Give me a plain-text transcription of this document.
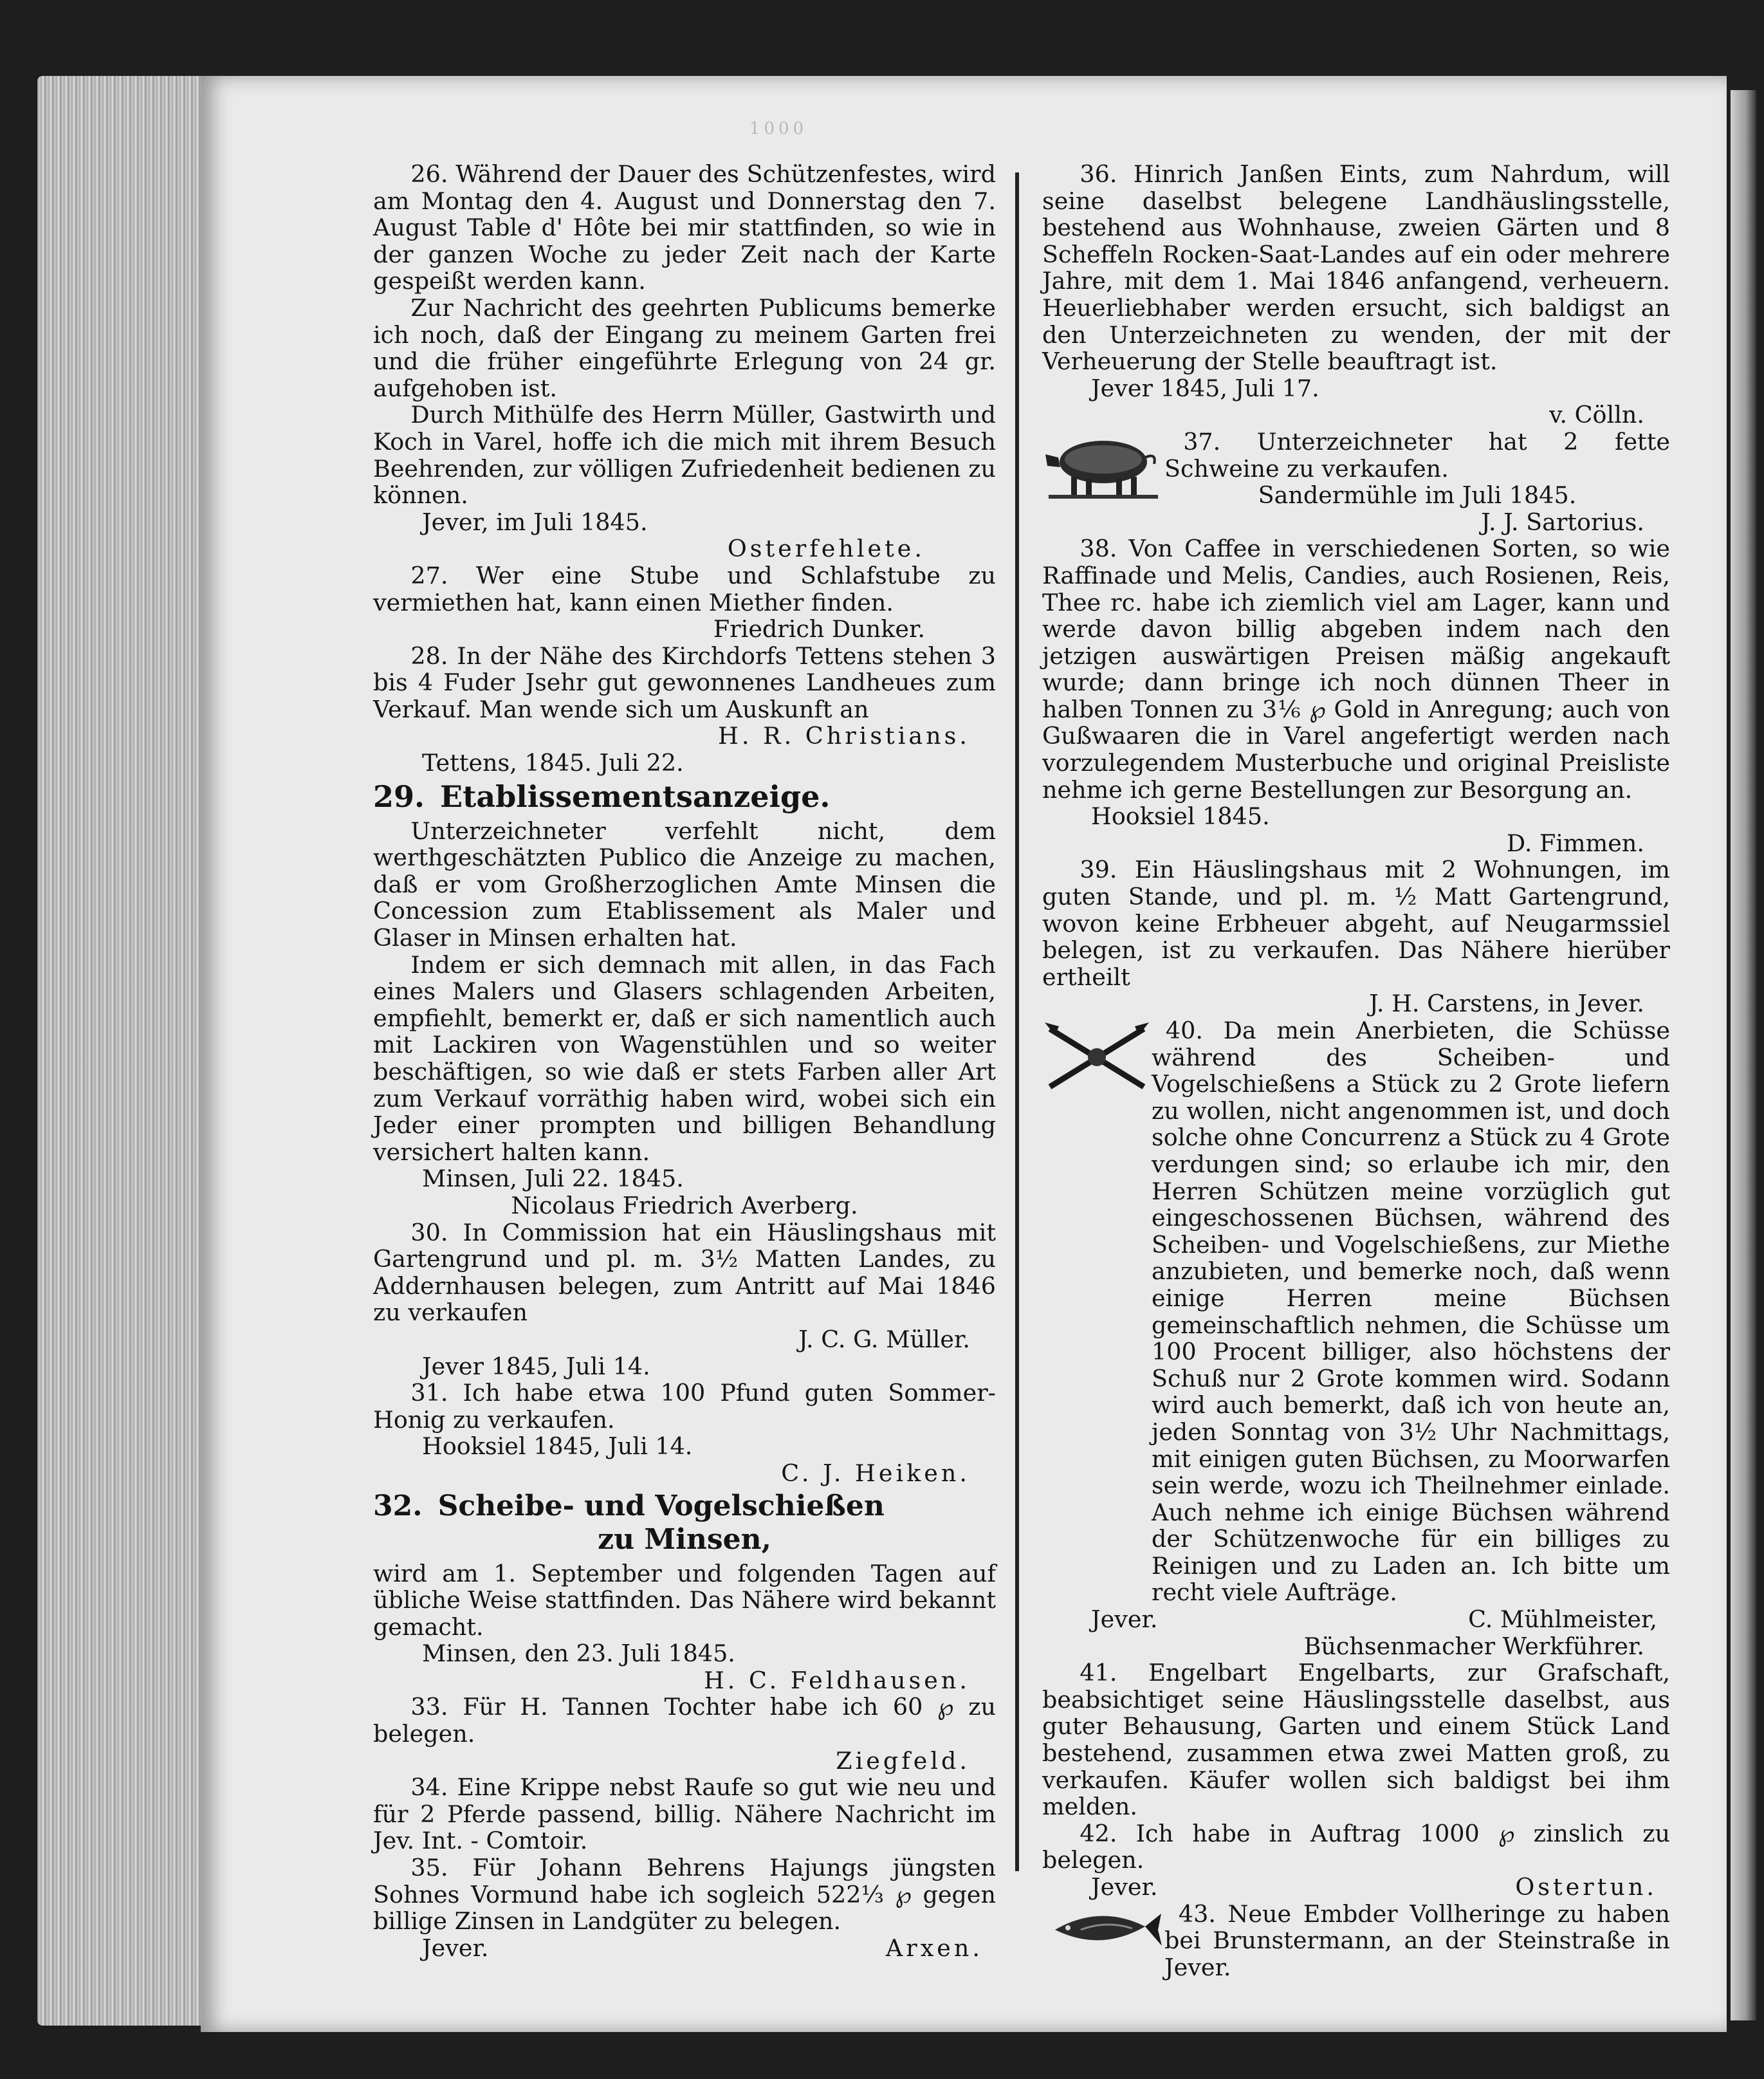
1000

26. Während der Dauer des Schützenfestes, wird am Montag den 4. August und Donnerstag den 7. August Table d' Hôte bei mir stattfinden, so wie in der ganzen Woche zu jeder Zeit nach der Karte gespeißt werden kann.

Zur Nachricht des geehrten Publicums bemerke ich noch, daß der Eingang zu meinem Garten frei und die früher eingeführte Erlegung von 24 gr. aufgehoben ist.

Durch Mithülfe des Herrn Müller, Gastwirth und Koch in Varel, hoffe ich die mich mit ihrem Besuch Beehrenden, zur völligen Zufriedenheit bedienen zu können.

Jever, im Juli 1845.
Osterfehlete.

27. Wer eine Stube und Schlafstube zu vermiethen hat, kann einen Miether finden.

Friedrich Dunker.

28. In der Nähe des Kirchdorfs Tettens stehen 3 bis 4 Fuder Jsehr gut gewonnenes Landheues zum Verkauf. Man wende sich um Auskunft an

H. R. Christians.
Tettens, 1845. Juli 22.
29. Etablissementsanzeige.

Unterzeichneter verfehlt nicht, dem werthgeschätzten Publico die Anzeige zu machen, daß er vom Großherzoglichen Amte Minsen die Concession zum Etablissement als Maler und Glaser in Minsen erhalten hat.

Indem er sich demnach mit allen, in das Fach eines Malers und Glasers schlagenden Arbeiten, empfiehlt, bemerkt er, daß er sich namentlich auch mit Lackiren von Wagenstühlen und so weiter beschäftigen, so wie daß er stets Farben aller Art zum Verkauf vorräthig haben wird, wobei sich ein Jeder einer prompten und billigen Behandlung versichert halten kann.

Minsen, Juli 22. 1845.
Nicolaus Friedrich Averberg.

30. In Commission hat ein Häuslingshaus mit Gartengrund und pl. m. 3½ Matten Landes, zu Addernhausen belegen, zum Antritt auf Mai 1846 zu verkaufen

J. C. G. Müller.
Jever 1845, Juli 14.

31. Ich habe etwa 100 Pfund guten Sommer-Honig zu verkaufen.

Hooksiel 1845, Juli 14.
C. J. Heiken.
32. Scheibe- und Vogelschießen
zu Minsen,

wird am 1. September und folgenden Tagen auf übliche Weise stattfinden. Das Nähere wird bekannt gemacht.

Minsen, den 23. Juli 1845.
H. C. Feldhausen.

33. Für H. Tannen Tochter habe ich 60 ℘ zu belegen.

Ziegfeld.

34. Eine Krippe nebst Raufe so gut wie neu und für 2 Pferde passend, billig. Nähere Nachricht im Jev. Int. - Comtoir.

35. Für Johann Behrens Hajungs jüngsten Sohnes Vormund habe ich sogleich 522⅓ ℘ gegen billige Zinsen in Landgüter zu belegen.

Jever.	Arxen.

36. Hinrich Janßen Eints, zum Nahrdum, will seine daselbst belegene Landhäuslingsstelle, bestehend aus Wohnhause, zweien Gärten und 8 Scheffeln Rocken-Saat-Landes auf ein oder mehrere Jahre, mit dem 1. Mai 1846 anfangend, verheuern. Heuerliebhaber werden ersucht, sich baldigst an den Unterzeichneten zu wenden, der mit der Verheuerung der Stelle beauftragt ist.

Jever 1845, Juli 17.
v. Cölln.

37. Unterzeichneter hat 2 fette Schweine zu verkaufen.

Sandermühle im Juli 1845.
J. J. Sartorius.

38. Von Caffee in verschiedenen Sorten, so wie Raffinade und Melis, Candies, auch Rosienen, Reis, Thee rc. habe ich ziemlich viel am Lager, kann und werde davon billig abgeben indem nach den jetzigen auswärtigen Preisen mäßig angekauft wurde; dann bringe ich noch dünnen Theer in halben Tonnen zu 3⅙ ℘ Gold in Anregung; auch von Gußwaaren die in Varel angefertigt werden nach vorzulegendem Musterbuche und original Preisliste nehme ich gerne Bestellungen zur Besorgung an.

Hooksiel 1845.
D. Fimmen.

39. Ein Häuslingshaus mit 2 Wohnungen, im guten Stande, und pl. m. ½ Matt Gartengrund, wovon keine Erbheuer abgeht, auf Neugarmssiel belegen, ist zu verkaufen. Das Nähere hierüber ertheilt

J. H. Carstens, in Jever.

40. Da mein Anerbieten, die Schüsse während des Scheiben- und Vogelschießens a Stück zu 2 Grote liefern zu wollen, nicht angenommen ist, und doch solche ohne Concurrenz a Stück zu 4 Grote verdungen sind; so erlaube ich mir, den Herren Schützen meine vorzüglich gut eingeschossenen Büchsen, während des Scheiben- und Vogelschießens, zur Miethe anzubieten, und bemerke noch, daß wenn einige Herren meine Büchsen gemeinschaftlich nehmen, die Schüsse um 100 Procent billiger, also höchstens der Schuß nur 2 Grote kommen wird. Sodann wird auch bemerkt, daß ich von heute an, jeden Sonntag von 3½ Uhr Nachmittags, mit einigen guten Büchsen, zu Moorwarfen sein werde, wozu ich Theilnehmer einlade. Auch nehme ich einige Büchsen während der Schützenwoche für ein billiges zu Reinigen und zu Laden an. Ich bitte um recht viele Aufträge.

Jever.	C. Mühlmeister,
Büchsenmacher Werkführer.

41. Engelbart Engelbarts, zur Grafschaft, beabsichtiget seine Häuslingsstelle daselbst, aus guter Behausung, Garten und einem Stück Land bestehend, zusammen etwa zwei Matten groß, zu verkaufen. Käufer wollen sich baldigst bei ihm melden.

42. Ich habe in Auftrag 1000 ℘ zinslich zu belegen.

Jever.	Ostertun.

43. Neue Embder Vollheringe zu haben bei Brunstermann, an der Steinstraße in Jever.
